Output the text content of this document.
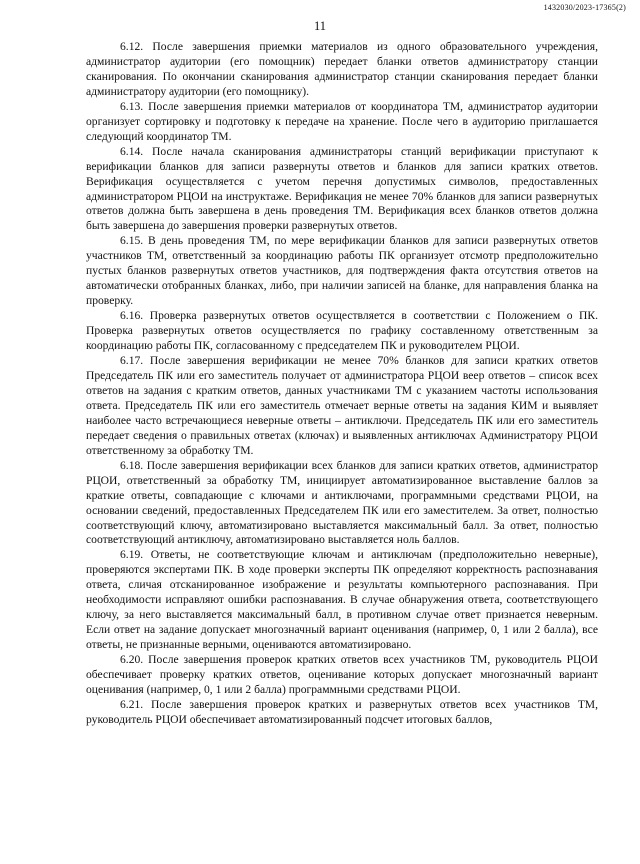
1432030/2023-17365(2)
11

6.12. После завершения приемки материалов из одного образовательного учреждения, администратор аудитории (его помощник) передает бланки ответов администратору станции сканирования. По окончании сканирования администратор станции сканирования передает бланки администратору аудитории (его помощнику).

6.13. После завершения приемки материалов от координатора ТМ, администратор аудитории организует сортировку и подготовку к передаче на хранение. После чего в аудиторию приглашается следующий координатор ТМ.

6.14. После начала сканирования администраторы станций верификации приступают к верификации бланков для записи развернуты ответов и бланков для записи кратких ответов. Верификация осуществляется с учетом перечня допустимых символов, предоставленных администратором РЦОИ на инструктаже. Верификация не менее 70% бланков для записи развернутых ответов должна быть завершена в день проведения ТМ. Верификация всех бланков ответов должна быть завершена до завершения проверки развернутых ответов.

6.15. В день проведения ТМ, по мере верификации бланков для записи развернутых ответов участников ТМ, ответственный за координацию работы ПК организует отсмотр предположительно пустых бланков развернутых ответов участников, для подтверждения факта отсутствия ответов на автоматически отобранных бланках, либо, при наличии записей на бланке, для направления бланка на проверку.

6.16. Проверка развернутых ответов осуществляется в соответствии с Положением о ПК. Проверка развернутых ответов осуществляется по графику составленному ответственным за координацию работы ПК, согласованному с председателем ПК и руководителем РЦОИ.

6.17. После завершения верификации не менее 70% бланков для записи кратких ответов Председатель ПК или его заместитель получает от администратора РЦОИ веер ответов – список всех ответов на задания с кратким ответов, данных участниками ТМ с указанием частоты использования ответа. Председатель ПК или его заместитель отмечает верные ответы на задания КИМ и выявляет наиболее часто встречающиеся неверные ответы – антиключи. Председатель ПК или его заместитель передает сведения о правильных ответах (ключах) и выявленных антиключах Администратору РЦОИ ответственному за обработку ТМ.

6.18. После завершения верификации всех бланков для записи кратких ответов, администратор РЦОИ, ответственный за обработку ТМ, инициирует автоматизированное выставление баллов за краткие ответы, совпадающие с ключами и антиключами, программными средствами РЦОИ, на основании сведений, предоставленных Председателем ПК или его заместителем. За ответ, полностью соответствующий ключу, автоматизировано выставляется максимальный балл. За ответ, полностью соответствующий антиключу, автоматизировано выставляется ноль баллов.

6.19. Ответы, не соответствующие ключам и антиключам (предположительно неверные), проверяются экспертами ПК. В ходе проверки эксперты ПК определяют корректность распознавания ответа, сличая отсканированное изображение и результаты компьютерного распознавания. При необходимости исправляют ошибки распознавания. В случае обнаружения ответа, соответствующего ключу, за него выставляется максимальный балл, в противном случае ответ признается неверным. Если ответ на задание допускает многозначный вариант оценивания (например, 0, 1 или 2 балла), все ответы, не признанные верными, оцениваются автоматизировано.

6.20. После завершения проверок кратких ответов всех участников ТМ, руководитель РЦОИ обеспечивает проверку кратких ответов, оценивание которых допускает многозначный вариант оценивания (например, 0, 1 или 2 балла) программными средствами РЦОИ.

6.21. После завершения проверок кратких и развернутых ответов всех участников ТМ, руководитель РЦОИ обеспечивает автоматизированный подсчет итоговых баллов,
